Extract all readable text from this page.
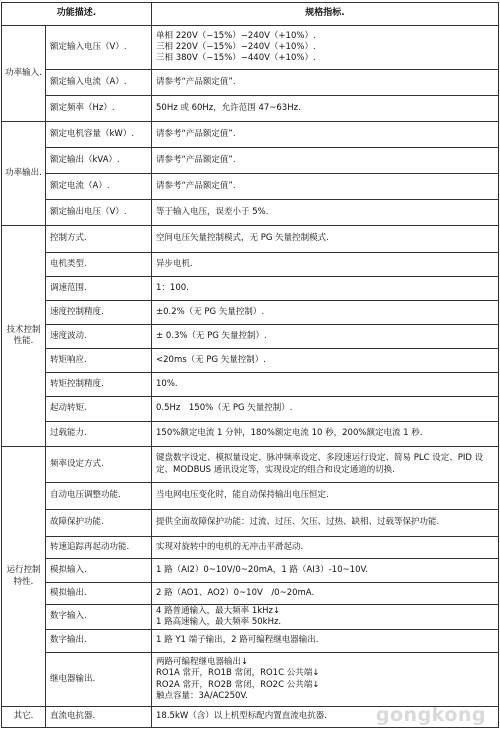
功能描述.		规格指标.
功率输入.	额定输入电压（V）.	单相 220V（−15%）−240V（+10%）.
三相 220V（−15%）−240V（+10%）.
三相 380V（−15%）−440V（+10%）.
	额定输入电流（A）.	请参考“产品额定值”.
	额定频率（Hz）.	50Hz 或 60Hz，允许范围 47~63Hz.
功率输出.	额定电机容量（kW）.	请参考“产品额定值”.
	额定输出（kVA）.	请参考“产品额定值”.
	额定电流（A）.	请参考“产品额定值”.
	额定输出电压（V）.	等于输入电压，误差小于 5%.
技术控制性能.	控制方式.	空间电压矢量控制模式，无 PG 矢量控制模式.
	电机类型.	异步电机.
	调速范围.	1：100.
	速度控制精度.	±0.2%（无 PG 矢量控制）.
	速度波动.	± 0.3%（无 PG 矢量控制）.
	转矩响应.	<20ms（无 PG 矢量控制）.
	转矩控制精度.	10%.
	起动转矩.	0.5Hz　150%（无 PG 矢量控制）.
	过载能力.	150%额定电流 1 分钟，180%额定电流 10 秒，200%额定电流 1 秒.
运行控制特性.	频率设定方式.	键盘数字设定、模拟量设定、脉冲频率设定、多段速运行设定、简易 PLC 设定、PID 设定、MODBUS 通讯设定等，实现设定的组合和设定通道的切换.
	自动电压调整功能.	当电网电压变化时，能自动保持输出电压恒定.
	故障保护功能.	提供全面故障保护功能：过流、过压、欠压、过热、缺相、过载等保护功能.
	转速追踪再起动功能.	实现对旋转中的电机的无冲击平滑起动.
	模拟输入.	1 路（AI2）0~10V/0~20mA，1 路（AI3）-10~10V.
	模拟输出.	2 路（AO1、AO2）0~10V　/0~20mA.
	数字输入.	4 路普通输入，最大频率 1kHz↓
1 路高速输入，最大频率 50kHz.
	数字输出.	1 路 Y1 端子输出，2 路可编程继电器输出.
	继电器输出.	两路可编程继电器输出↓
RO1A 常开，RO1B 常闭，RO1C 公共端↓
RO2A 常开，RO2B 常闭，RO2C 公共端↓
触点容量：3A/AC250V.
其它.	直流电抗器.	18.5kW（含）以上机型标配内置直流电抗器.	gongkong
